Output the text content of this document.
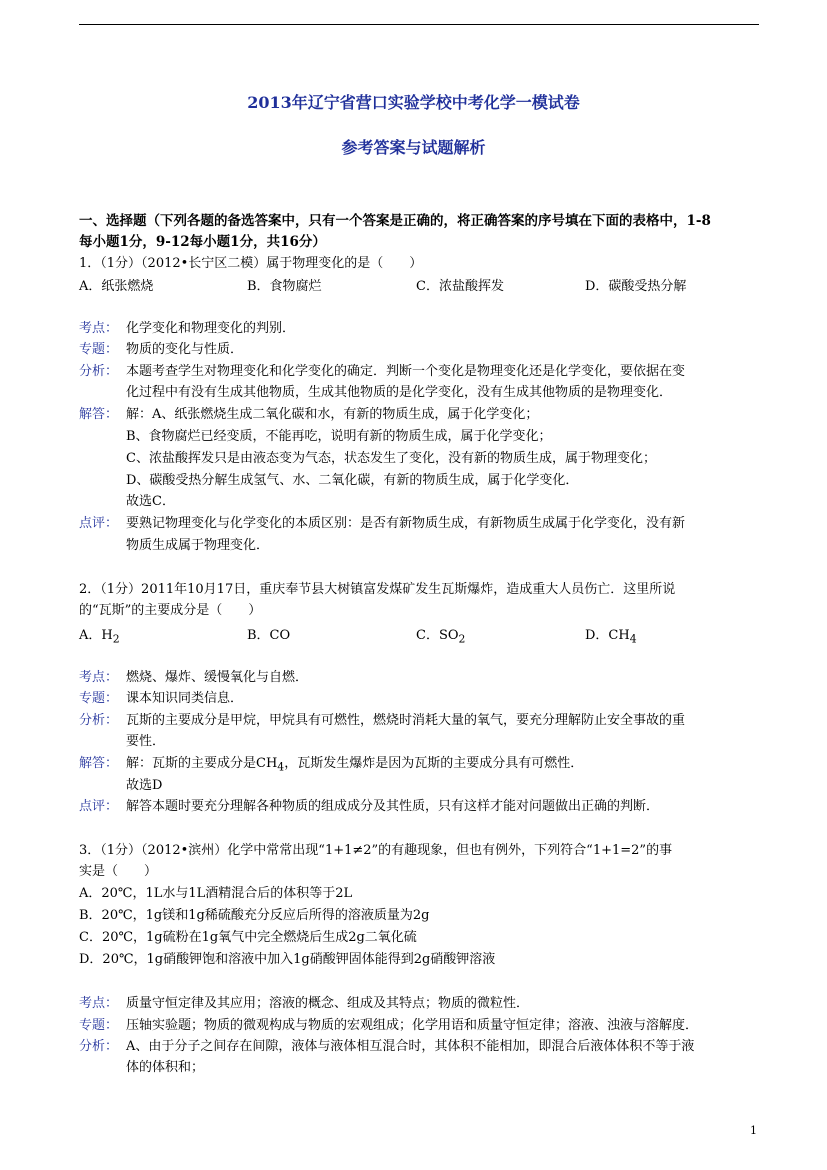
2013年辽宁省营口实验学校中考化学一模试卷
参考答案与试题解析
一、选择题（下列各题的备选答案中，只有一个答案是正确的，将正确答案的序号填在下面的表格中，1-8
每小题1分，9-12每小题1分，共16分）
1．（1分）（2012•长宁区二模）属于物理变化的是（　　）
A．纸张燃烧	B．食物腐烂	C．浓盐酸挥发	D．碳酸受热分解
考点： 化学变化和物理变化的判别．
专题： 物质的变化与性质．
分析： 本题考查学生对物理变化和化学变化的确定．判断一个变化是物理变化还是化学变化，要依据在变
化过程中有没有生成其他物质，生成其他物质的是化学变化，没有生成其他物质的是物理变化．
解答： 解：A、纸张燃烧生成二氧化碳和水，有新的物质生成，属于化学变化；
B、食物腐烂已经变质，不能再吃，说明有新的物质生成，属于化学变化；
C、浓盐酸挥发只是由液态变为气态，状态发生了变化，没有新的物质生成，属于物理变化；
D、碳酸受热分解生成氢气、水、二氧化碳，有新的物质生成，属于化学变化．
故选C．
点评： 要熟记物理变化与化学变化的本质区别：是否有新物质生成，有新物质生成属于化学变化，没有新
物质生成属于物理变化．
2．（1分）2011年10月17日，重庆奉节县大树镇富发煤矿发生瓦斯爆炸，造成重大人员伤亡．这里所说
的“瓦斯”的主要成分是（　　）
A．$H_2$	B．CO	C．$SO_2$	D．$CH_4$
考点： 燃烧、爆炸、缓慢氧化与自燃．
专题： 课本知识同类信息．
分析： 瓦斯的主要成分是甲烷，甲烷具有可燃性，燃烧时消耗大量的氧气，要充分理解防止安全事故的重
要性．
解答： 解：瓦斯的主要成分是$CH_4$，瓦斯发生爆炸是因为瓦斯的主要成分具有可燃性．
故选D
点评： 解答本题时要充分理解各种物质的组成成分及其性质，只有这样才能对问题做出正确的判断．
3．（1分）（2012•滨州）化学中常常出现“1+1≠2”的有趣现象，但也有例外，下列符合“1+1=2”的事
实是（　　）
A．20℃，1L水与1L酒精混合后的体积等于2L
B．20℃，1g镁和1g稀硫酸充分反应后所得的溶液质量为2g
C．20℃，1g硫粉在1g氧气中完全燃烧后生成2g二氧化硫
D．20℃，1g硝酸钾饱和溶液中加入1g硝酸钾固体能得到2g硝酸钾溶液
考点： 质量守恒定律及其应用；溶液的概念、组成及其特点；物质的微粒性．
专题： 压轴实验题；物质的微观构成与物质的宏观组成；化学用语和质量守恒定律；溶液、浊液与溶解度．
分析： A、由于分子之间存在间隙，液体与液体相互混合时，其体积不能相加，即混合后液体体积不等于液
体的体积和；
1
